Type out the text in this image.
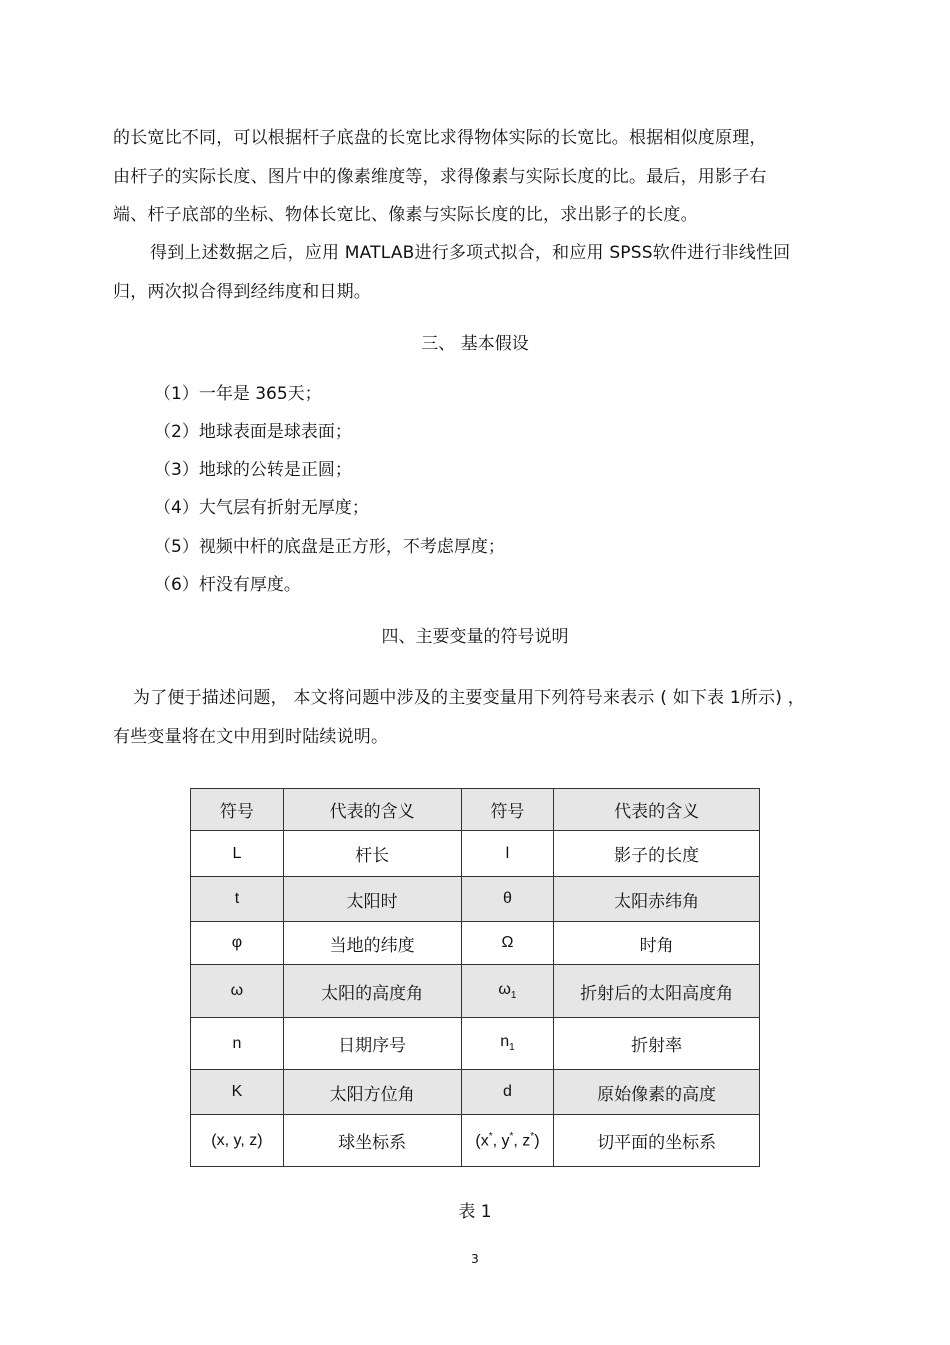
的长宽比不同，可以根据杆子底盘的长宽比求得物体实际的长宽比。根据相似度原理，
由杆子的实际长度、图片中的像素维度等，求得像素与实际长度的比。最后，用影子右
端、杆子底部的坐标、物体长宽比、像素与实际长度的比，求出影子的长度。
得到上述数据之后，应用 MATLAB进行多项式拟合，和应用 SPSS软件进行非线性回
归，两次拟合得到经纬度和日期。
三、 基本假设
（1）一年是 365天；
（2）地球表面是球表面；
（3）地球的公转是正圆；
（4）大气层有折射无厚度；
（5）视频中杆的底盘是正方形，不考虑厚度；
（6）杆没有厚度。
四、主要变量的符号说明
为了便于描述问题， 本文将问题中涉及的主要变量用下列符号来表示 ( 如下表 1所示) ，
有些变量将在文中用到时陆续说明。
符号	代表的含义	符号	代表的含义
L	杆长	l	影子的长度
t	太阳时	θ	太阳赤纬角
φ	当地的纬度	Ω	时角
ω	太阳的高度角	$\omega_1$	折射后的太阳高度角
n	日期序号	$n_1$	折射率
K	太阳方位角	d	原始像素的高度
(x, y, z)	球坐标系	(x*, y*, z*)	切平面的坐标系
表 1
3
